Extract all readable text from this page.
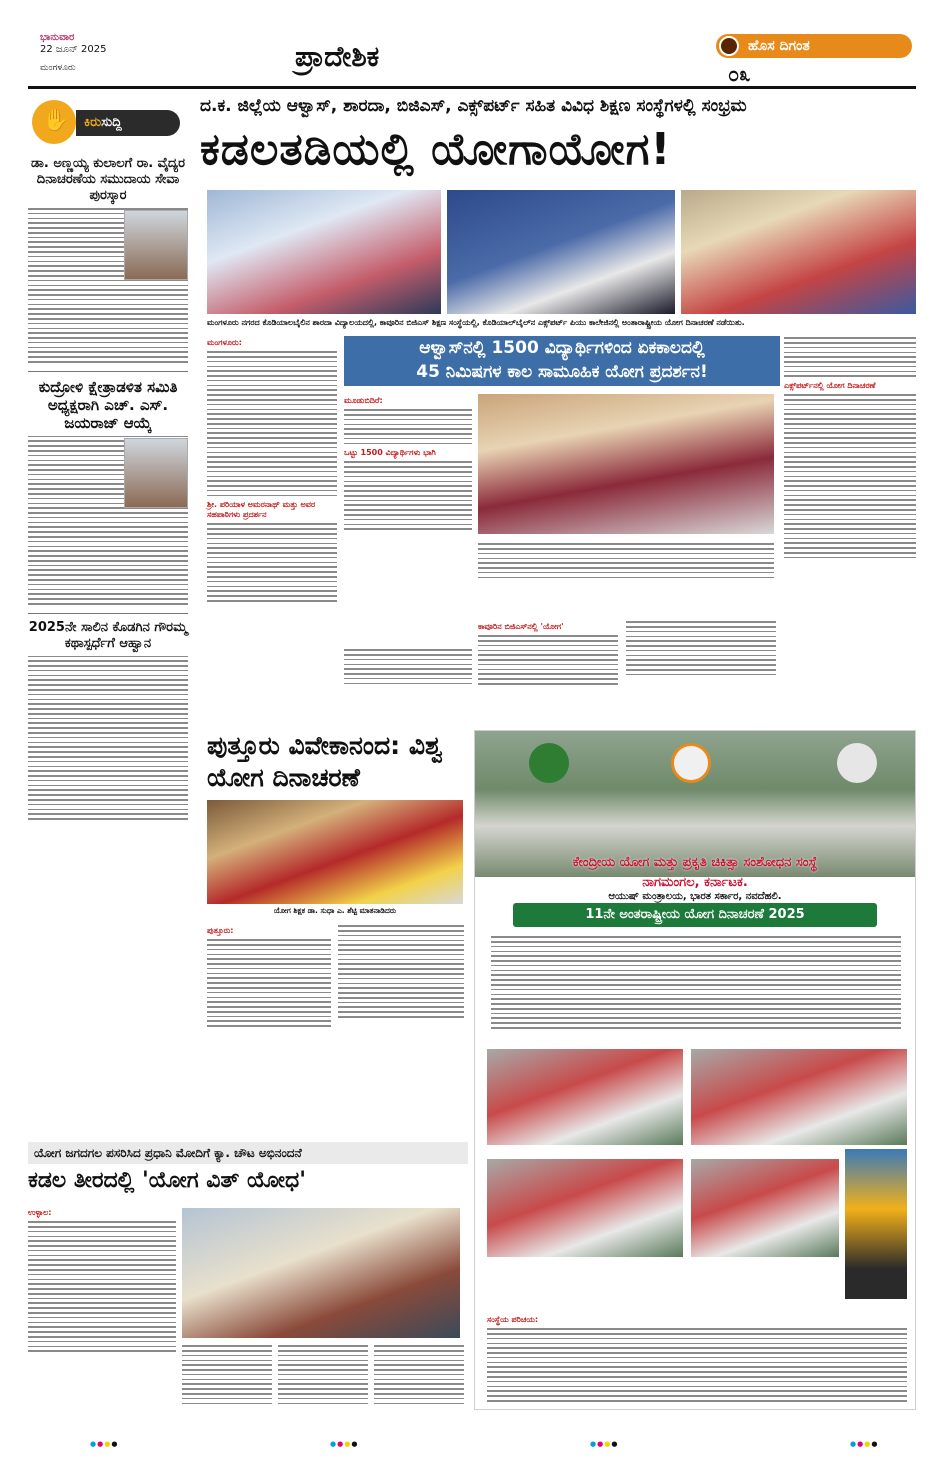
ಭಾನುವಾರ
22 ಜೂನ್ 2025
ಮಂಗಳೂರು	ಪ್ರಾದೇಶಿಕ	ಹೊಸ ದಿಗಂತ
೦೩
✋
ಕಿರುಸುದ್ದಿ
ಡಾ. ಅಣ್ಣಯ್ಯ ಕುಲಾಲಗೆ ರಾ. ವೈದ್ಯರ ದಿನಾಚರಣೆಯ ಸಮುದಾಯ ಸೇವಾ ಪುರಸ್ಕಾರ
ಕುದ್ರೋಳಿ ಕ್ಷೇತ್ರಾಡಳಿತ ಸಮಿತಿ ಅಧ್ಯಕ್ಷರಾಗಿ ಎಚ್. ಎಸ್. ಜಯರಾಜ್ ಆಯ್ಕೆ
2025ನೇ ಸಾಲಿನ ಕೊಡಗಿನ ಗೌರಮ್ಮ ಕಥಾಸ್ಪರ್ಧೆಗೆ ಆಹ್ವಾನ
ದ.ಕ. ಜಿಲ್ಲೆಯ ಆಳ್ವಾಸ್, ಶಾರದಾ, ಬಿಜಿಎಸ್, ಎಕ್ಸ್‌ಪರ್ಟ್ ಸಹಿತ ವಿವಿಧ ಶಿಕ್ಷಣ ಸಂಸ್ಥೆಗಳಲ್ಲಿ ಸಂಭ್ರಮ
ಕಡಲತಡಿಯಲ್ಲಿ ಯೋಗಾಯೋಗ!
ಮಂಗಳೂರು ನಗರದ ಕೊಡಿಯಾಲಬೈಲಿನ ಶಾರದಾ ವಿದ್ಯಾಲಯದಲ್ಲಿ, ಕಾವೂರಿನ ಬಿಜಿಎಸ್ ಶಿಕ್ಷಣ ಸಂಸ್ಥೆಯಲ್ಲಿ, ಕೊಡಿಯಾಲ್‌ಬೈಲ್‌ನ ಎಕ್ಸ್‌ಪರ್ಟ್ ಪಿಯು ಕಾಲೇಜಿನಲ್ಲಿ ಅಂತಾರಾಷ್ಟ್ರೀಯ ಯೋಗ ದಿನಾಚರಣೆ ನಡೆಯಿತು.
ಮಂಗಳೂರು:
ಶ್ರೀ. ಪರಿಯಾಳ ಅಮರನಾಥ್ ಮತ್ತು ಅವರ ಸಹಪಾಠಿಗಳು ಪ್ರದರ್ಶನ
ಆಳ್ವಾಸ್‌ನಲ್ಲಿ 1500 ವಿದ್ಯಾರ್ಥಿಗಳಿಂದ ಏಕಕಾಲದಲ್ಲಿ
45 ನಿಮಿಷಗಳ ಕಾಲ ಸಾಮೂಹಿಕ ಯೋಗ ಪ್ರದರ್ಶನ!
ಮೂಡುಬಿದಿರೆ:
ಒಟ್ಟು 1500 ವಿದ್ಯಾರ್ಥಿಗಳು ಭಾಗಿ
ಕಾವೂರಿನ ಬಿಜಿಎಸ್‌ನಲ್ಲಿ 'ಯೋಗ'
ಎಕ್ಸ್‌ಪರ್ಟ್‌ನಲ್ಲಿ ಯೋಗ ದಿನಾಚರಣೆ
ಪುತ್ತೂರು ವಿವೇಕಾನಂದ: ವಿಶ್ವ ಯೋಗ ದಿನಾಚರಣೆ
ಯೋಗ ಶಿಕ್ಷಕ ಡಾ. ಸುಧಾ ಎ. ಶೆಟ್ಟಿ ಮಾತನಾಡಿದರು
ಪುತ್ತೂರು:
ಕೇಂದ್ರೀಯ ಯೋಗ ಮತ್ತು ಪ್ರಕೃತಿ ಚಿಕಿತ್ಸಾ ಸಂಶೋಧನ ಸಂಸ್ಥೆ
ನಾಗಮಂಗಲ, ಕರ್ನಾಟಕ.
ಆಯುಷ್ ಮಂತ್ರಾಲಯ, ಭಾರತ ಸರ್ಕಾರ, ನವದೆಹಲಿ.
11ನೇ ಅಂತರಾಷ್ಟ್ರೀಯ ಯೋಗ ದಿನಾಚರಣೆ 2025
ಸಂಸ್ಥೆಯ ಪರಿಚಯ:
ಯೋಗ ಜಗದಗಲ ಪಸರಿಸಿದ ಪ್ರಧಾನಿ ಮೋದಿಗೆ ಕ್ಯಾ. ಚೌಟ ಅಭಿನಂದನೆ
ಕಡಲ ತೀರದಲ್ಲಿ 'ಯೋಗ ವಿತ್ ಯೋಧ'
ಉಳ್ಳಾಲ:
●●●●	●●●●	●●●●	●●●●
